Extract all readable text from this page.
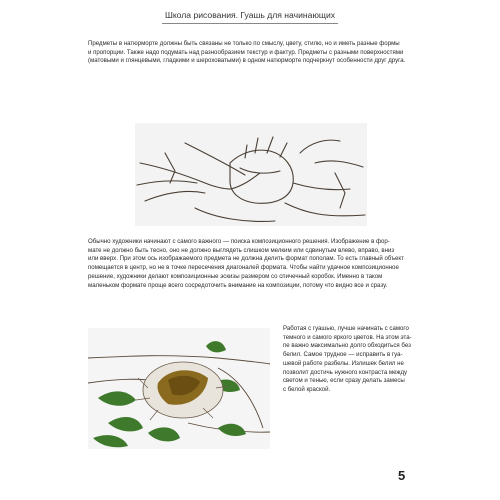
Школа рисования. Гуашь для начинающих
Предметы в натюрморте должны быть связаны не только по смыслу, цвету, стилю, но и иметь разные формы
и пропорции. Также надо подумать над разнообразием текстур и фактур. Предметы с разными поверхностями
(матовыми и глянцевыми, гладкими и шероховатыми) в одном натюрморте подчеркнут особенности друг друга.
Обычно художники начинают с самого важного — поиска композиционного решения. Изображение в фор-
мате не должно быть тесно, оно не должно выглядеть слишком мелким или сдвинутым влево, вправо, вниз
или вверх. При этом ось изображаемого предмета не должна делить формат пополам. То есть главный объект
помещается в центр, но не в точке пересечения диагоналей формата. Чтобы найти удачное композиционное
решение, художники делают композиционные эскизы размером со спичечный коробок. Именно в таком
маленьком формате проще всего сосредоточить внимание на композиции, потому что видно все и сразу.
Работая с гуашью, лучше начинать с самого
темного и самого яркого цветов. На этом эта-
пе важно максимально долго обходиться без
белил. Самое трудное — исправить в гуа-
шевой работе разбелы. Излишек белил не
позволит достичь нужного контраста между
светом и тенью, если сразу делать замесы
с белой краской.
5
